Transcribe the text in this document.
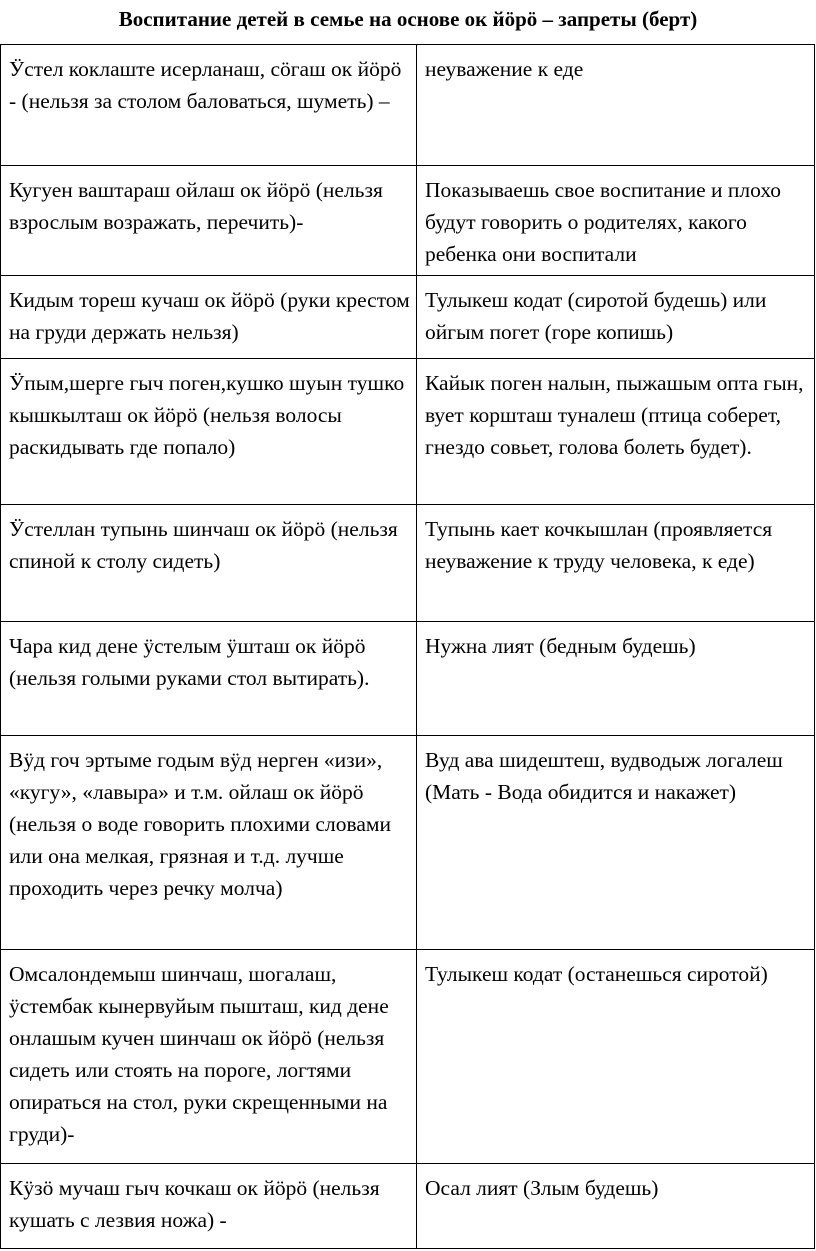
Воспитание детей в семье на основе ок йӧрӧ – запреты (берт)
Ӱстел коклаште исерланаш, сӧгаш ок йӧрӧ - (нельзя за столом баловаться, шуметь) –	неуважение к еде
Кугуен ваштараш ойлаш ок йӧрӧ (нельзя взрослым возражать, перечить)-	Показываешь свое воспитание и плохо будут говорить о родителях, какого ребенка они воспитали
Кидым тореш кучаш ок йӧрӧ (руки крестом на груди держать нельзя)	Тулыкеш кодат (сиротой будешь) или ойгым погет (горе копишь)
Ӱпым,шерге гыч поген,кушко шуын тушко кышкылташ ок йӧрӧ (нельзя волосы раскидывать где попало)	Кайык поген налын, пыжашым опта гын, вует коршташ туналеш (птица соберет, гнездо совьет, голова болеть будет).
Ӱстеллан тупынь шинчаш ок йӧрӧ (нельзя спиной к столу сидеть)	Тупынь кает кочкышлан (проявляется неуважение к труду человека, к еде)
Чара кид дене ӱстелым ӱшташ ок йӧрӧ (нельзя голыми руками стол вытирать).	Нужна лият (бедным будешь)
Вӱд гоч эртыме годым вӱд нерген «изи», «кугу», «лавыра» и т.м. ойлаш ок йӧрӧ (нельзя о воде говорить плохими словами или она мелкая, грязная и т.д. лучше проходить через речку молча)	Вуд ава шидештеш, вудводыж логалеш (Мать - Вода обидится и накажет)
Омсалондемыш шинчаш, шогалаш, ӱстембак кынервуйым пышташ, кид дене онлашым кучен шинчаш ок йӧрӧ (нельзя сидеть или стоять на пороге, логтями опираться на стол, руки скрещенными на груди)-	Тулыкеш кодат (останешься сиротой)
Кӱзӧ мучаш гыч кочкаш ок йӧрӧ (нельзя кушать с лезвия ножа) -	Осал лият (Злым будешь)
